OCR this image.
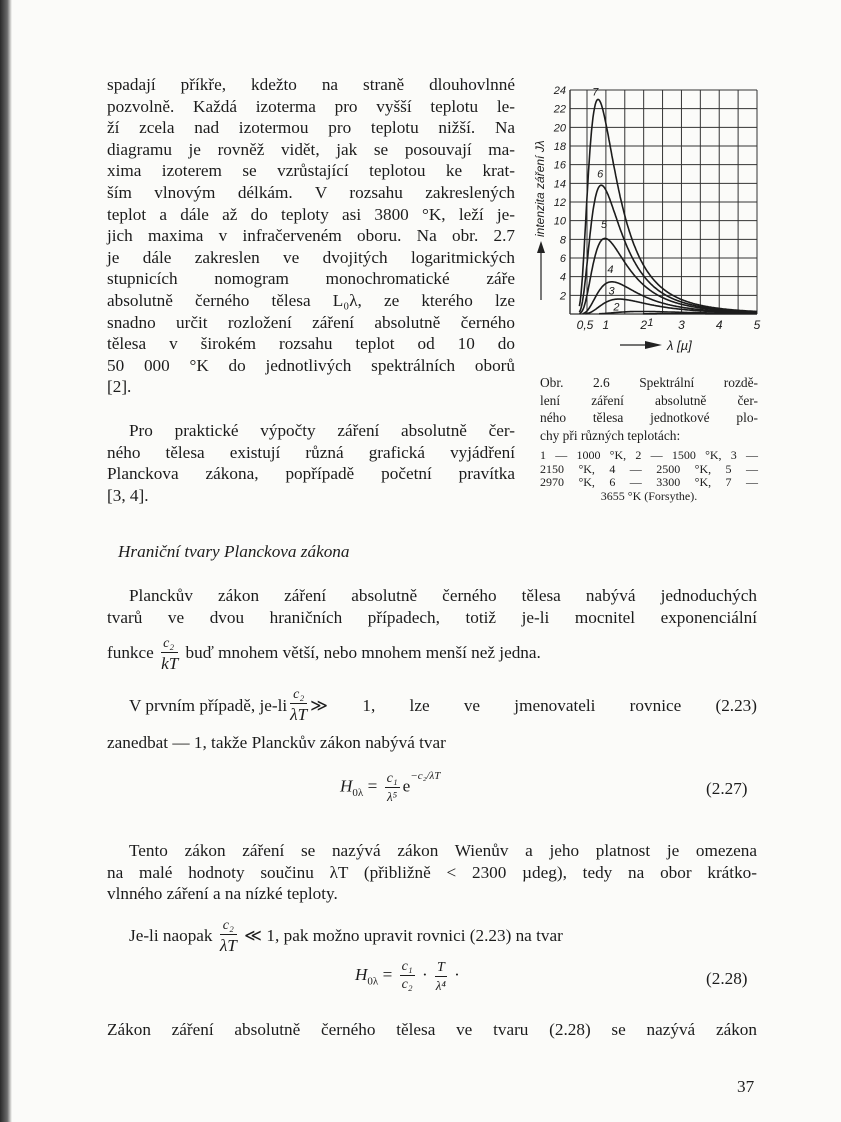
spadají příkře, kdežto na straně dlouhovlnné
pozvolně. Každá izoterma pro vyšší teplotu le-
ží zcela nad izotermou pro teplotu nižší. Na
diagramu je rovněž vidět, jak se posouvají ma-
xima izoterem se vzrůstající teplotou ke krat-
ším vlnovým délkám. V rozsahu zakreslených
teplot a dále až do teploty asi 3800 °K, leží je-
jich maxima v infračerveném oboru. Na obr. 2.7
je dále zakreslen ve dvojitých logaritmických
stupnicích nomogram monochromatické záře
absolutně černého tělesa L₀λ, ze kterého lze
snadno určit rozložení záření absolutně černého
tělesa v širokém rozsahu teplot od 10 do
50 000 °K do jednotlivých spektrálních oborů
[2].
Pro praktické výpočty záření absolutně čer-
ného tělesa existují různá grafická vyjádření
Planckova zákona, popřípadě početní pravítka
[3, 4].
2
4
6
8
10
12
14
16
18
20
22
24
0,5 1	2	3	4	5
intenzita záření Jλ
λ [µ]
1
2
3
4
5
6
7
Obr. 2.6 Spektrální rozdě-
lení záření absolutně čer-
ného tělesa jednotkové plo-
chy při různých teplotách:
1 — 1000 °K, 2 — 1500 °K, 3 —
2150 °K, 4 — 2500 °K, 5 —
2970 °K, 6 — 3300 °K, 7 —
3655 °K (Forsythe).
Hraniční tvary Planckova zákona
Planckův zákon záření absolutně černého tělesa nabývá jednoduchých
tvarů ve dvou hraničních případech, totiž je-li mocnitel exponenciální
funkce
c₂
kT
buď mnohem větší, nebo mnohem menší než jedna.
V prvním případě, je-li
c₂
λT ≫ 1, lze ve jmenovateli rovnice (2.23)
zanedbat — 1, takže Planckův zákon nabývá tvar
$H_{0\lambda} = \frac{\text{c₁}}{\text{λ⁵}} e^{-c_2/\lambda T}$
(2.27)
Tento zákon záření se nazývá zákon Wienův a jeho platnost je omezena
na malé hodnoty součinu λT (přibližně < 2300 µdeg), tedy na obor krátko-
vlnného záření a na nízké teploty.
Je-li naopak
c₂
λT
≪ 1, pak možno upravit rovnici (2.23) na tvar
$H_{0\lambda} = \frac{\text{c₁}}{\text{c₂}} \cdot \frac{T}{\text{λ⁴}}$ ·	(2.28)
Zákon záření absolutně černého tělesa ve tvaru (2.28) se nazývá zákon
37
